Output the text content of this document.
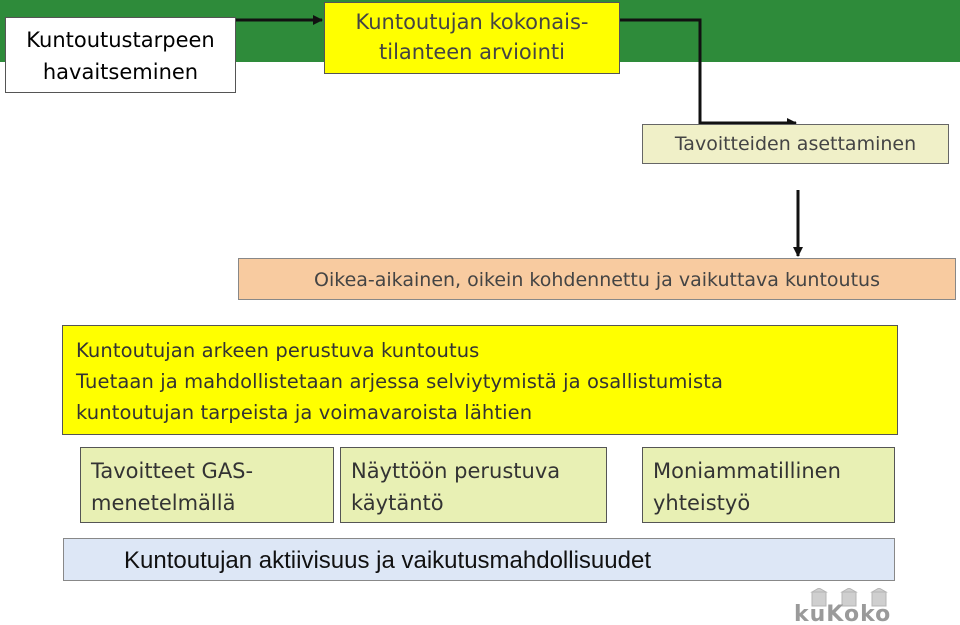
Kuntoutustarpeen
havaitseminen
Kuntoutujan kokonais-
tilanteen arviointi
Tavoitteiden asettaminen
Oikea-aikainen, oikein kohdennettu ja vaikuttava kuntoutus
Kuntoutujan arkeen perustuva kuntoutus
Tuetaan ja mahdollistetaan arjessa selviytymistä ja osallistumista
kuntoutujan tarpeista ja voimavaroista lähtien
Tavoitteet GAS-
menetelmällä
Näyttöön perustuva
käytäntö
Moniammatillinen
yhteistyö
Kuntoutujan aktiivisuus ja vaikutusmahdollisuudet
kuKoko
